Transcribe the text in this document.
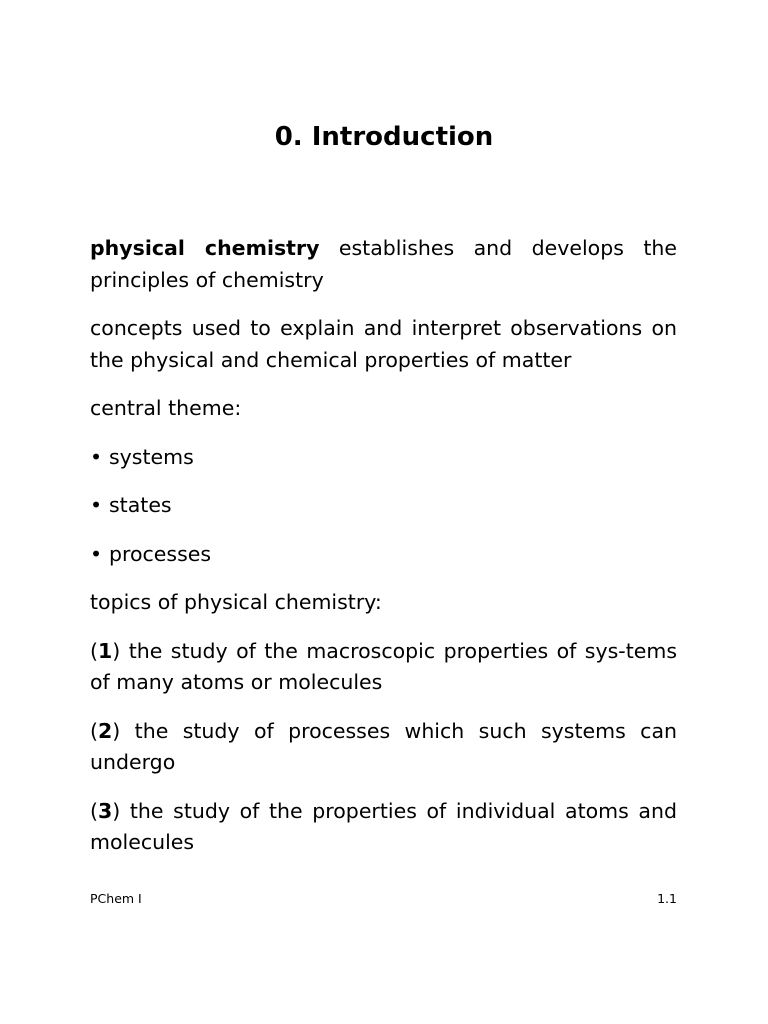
0. Introduction

physical chemistry establishes and develops the principles of chemistry

concepts used to explain and interpret observations on the physical and chemical properties of matter

central theme:

• systems
• states
• processes

topics of physical chemistry:

(1) the study of the macroscopic properties of sys-tems of many atoms or molecules

(2) the study of processes which such systems can undergo

(3) the study of the properties of individual atoms and molecules

PChem I	1.1
